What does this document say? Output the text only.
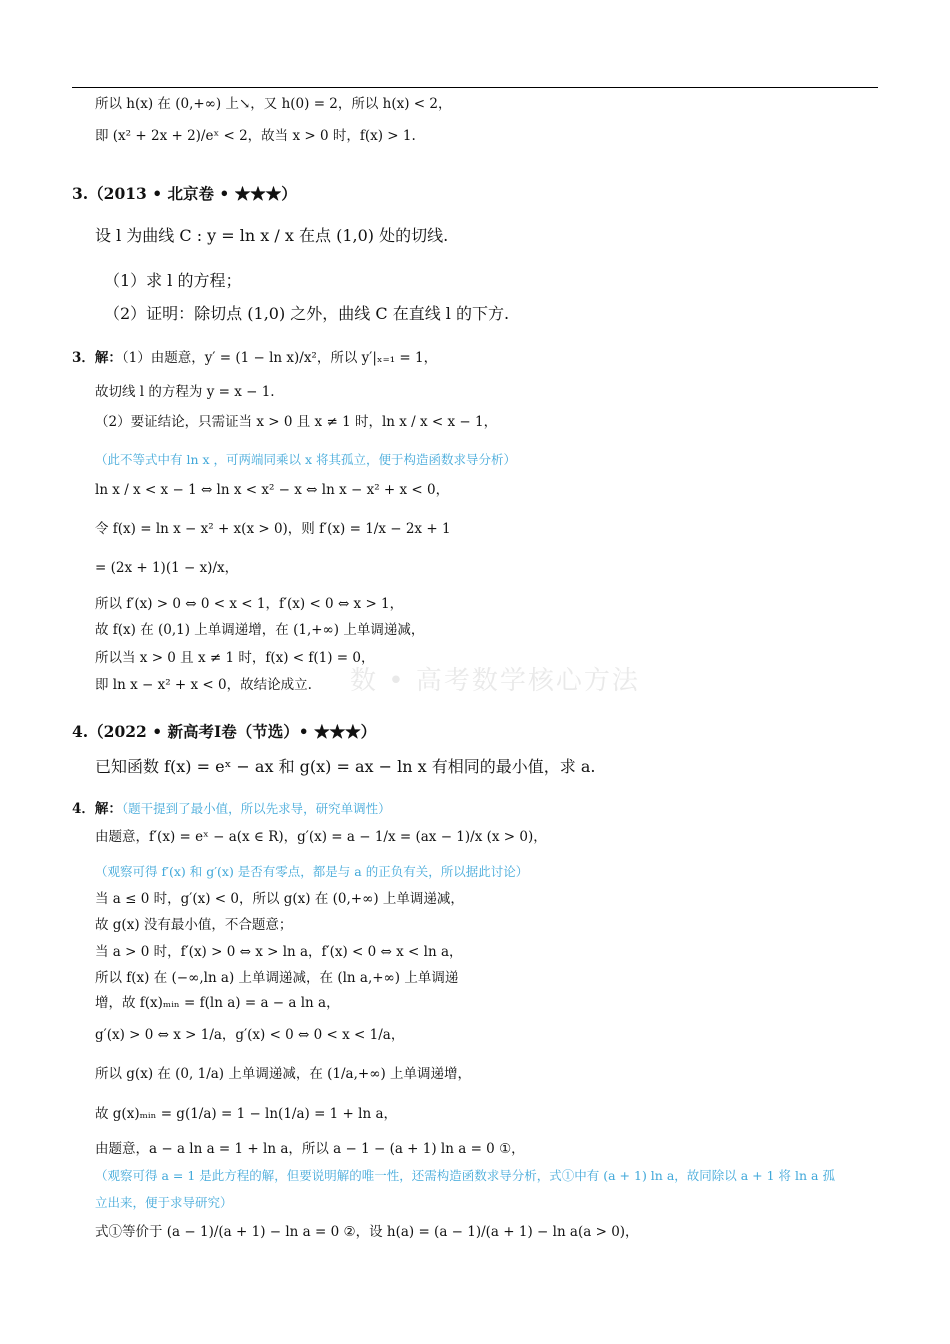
所以 h(x) 在 (0,+∞) 上↘，又 h(0) = 2，所以 h(x) < 2，
即 (x² + 2x + 2)/eˣ < 2，故当 x > 0 时，f(x) > 1.
3.（2013 • 北京卷 • ★★★）
设 l 为曲线 C : y = ln x / x 在点 (1,0) 处的切线.
（1）求 l 的方程；
（2）证明：除切点 (1,0) 之外，曲线 C 在直线 l 的下方.
3．解：（1）由题意，y′ = (1 − ln x)/x²，所以 y′|ₓ₌₁ = 1，
故切线 l 的方程为 y = x − 1.
（2）要证结论，只需证当 x > 0 且 x ≠ 1 时，ln x / x < x − 1，
（此不等式中有 ln x ，可两端同乘以 x 将其孤立，便于构造函数求导分析）
ln x / x < x − 1 ⇔ ln x < x² − x ⇔ ln x − x² + x < 0，
令 f(x) = ln x − x² + x(x > 0)，则 f′(x) = 1/x − 2x + 1
= (2x + 1)(1 − x)/x，
所以 f′(x) > 0 ⇔ 0 < x < 1，f′(x) < 0 ⇔ x > 1，
故 f(x) 在 (0,1) 上单调递增，在 (1,+∞) 上单调递减，
所以当 x > 0 且 x ≠ 1 时，f(x) < f(1) = 0，
即 ln x − x² + x < 0，故结论成立. 数 • 高考数学核心方法
4.（2022 • 新高考Ⅰ卷（节选）• ★★★）
已知函数 f(x) = eˣ − ax 和 g(x) = ax − ln x 有相同的最小值，求 a.
4．解：（题干提到了最小值，所以先求导，研究单调性）
由题意，f′(x) = eˣ − a(x ∈ R)，g′(x) = a − 1/x = (ax − 1)/x (x > 0)，
（观察可得 f′(x) 和 g′(x) 是否有零点，都是与 a 的正负有关，所以据此讨论）
当 a ≤ 0 时，g′(x) < 0，所以 g(x) 在 (0,+∞) 上单调递减，
故 g(x) 没有最小值，不合题意；
当 a > 0 时，f′(x) > 0 ⇔ x > ln a，f′(x) < 0 ⇔ x < ln a，
所以 f(x) 在 (−∞,ln a) 上单调递减，在 (ln a,+∞) 上单调递
增，故 f(x)ₘᵢₙ = f(ln a) = a − a ln a，
g′(x) > 0 ⇔ x > 1/a，g′(x) < 0 ⇔ 0 < x < 1/a，
所以 g(x) 在 (0, 1/a) 上单调递减，在 (1/a,+∞) 上单调递增，
故 g(x)ₘᵢₙ = g(1/a) = 1 − ln(1/a) = 1 + ln a，
由题意，a − a ln a = 1 + ln a，所以 a − 1 − (a + 1) ln a = 0 ①，
（观察可得 a = 1 是此方程的解，但要说明解的唯一性，还需构造函数求导分析，式①中有 (a + 1) ln a，故同除以 a + 1 将 ln a 孤
立出来，便于求导研究）
式①等价于 (a − 1)/(a + 1) − ln a = 0 ②，设 h(a) = (a − 1)/(a + 1) − ln a(a > 0)，
